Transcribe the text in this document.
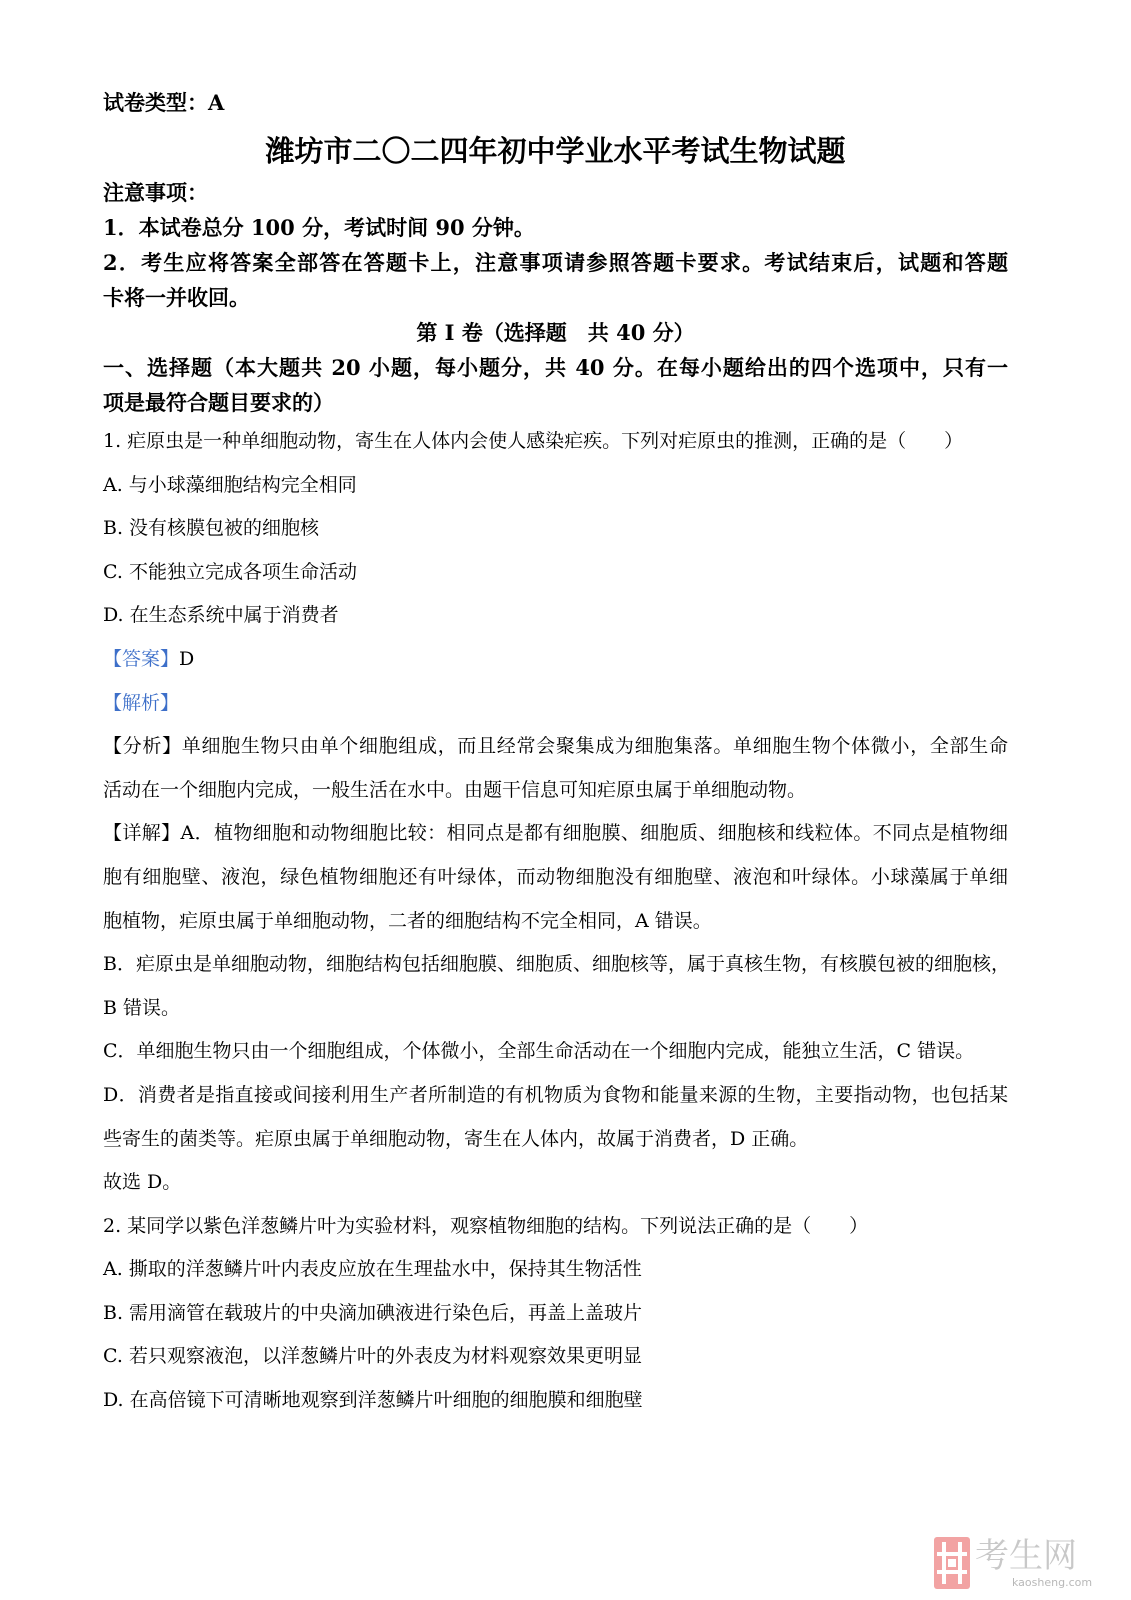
试卷类型：A
潍坊市二〇二四年初中学业水平考试生物试题
注意事项：
1．本试卷总分 100 分，考试时间 90 分钟。
2．考生应将答案全部答在答题卡上，注意事项请参照答题卡要求。考试结束后，试题和答题
卡将一并收回。
第 I 卷（选择题　共 40 分）
一、选择题（本大题共 20 小题，每小题分，共 40 分。在每小题给出的四个选项中，只有一
项是最符合题目要求的）
1. 疟原虫是一种单细胞动物，寄生在人体内会使人感染疟疾。下列对疟原虫的推测，正确的是（　　）
A. 与小球藻细胞结构完全相同
B. 没有核膜包被的细胞核
C. 不能独立完成各项生命活动
D. 在生态系统中属于消费者
【答案】D
【解析】
【分析】单细胞生物只由单个细胞组成，而且经常会聚集成为细胞集落。单细胞生物个体微小，全部生命
活动在一个细胞内完成，一般生活在水中。由题干信息可知疟原虫属于单细胞动物。
【详解】A．植物细胞和动物细胞比较：相同点是都有细胞膜、细胞质、细胞核和线粒体。不同点是植物细
胞有细胞壁、液泡，绿色植物细胞还有叶绿体，而动物细胞没有细胞壁、液泡和叶绿体。小球藻属于单细
胞植物，疟原虫属于单细胞动物，二者的细胞结构不完全相同，A 错误。
B．疟原虫是单细胞动物，细胞结构包括细胞膜、细胞质、细胞核等，属于真核生物，有核膜包被的细胞核，
B 错误。
C．单细胞生物只由一个细胞组成，个体微小，全部生命活动在一个细胞内完成，能独立生活，C 错误。
D．消费者是指直接或间接利用生产者所制造的有机物质为食物和能量来源的生物，主要指动物，也包括某
些寄生的菌类等。疟原虫属于单细胞动物，寄生在人体内，故属于消费者，D 正确。
故选 D。
2. 某同学以紫色洋葱鳞片叶为实验材料，观察植物细胞的结构。下列说法正确的是（　　）
A. 撕取的洋葱鳞片叶内表皮应放在生理盐水中，保持其生物活性
B. 需用滴管在载玻片的中央滴加碘液进行染色后，再盖上盖玻片
C. 若只观察液泡，以洋葱鳞片叶的外表皮为材料观察效果更明显
D. 在高倍镜下可清晰地观察到洋葱鳞片叶细胞的细胞膜和细胞壁
考生网
kaosheng.com
